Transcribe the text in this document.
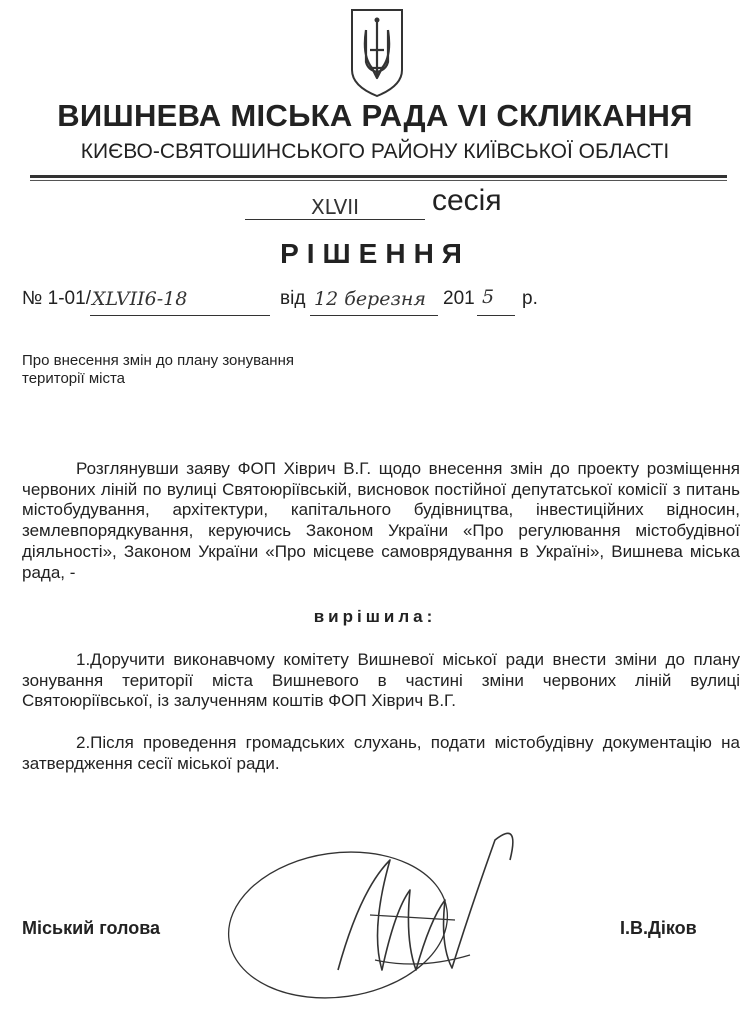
ВИШНЕВА МІСЬКА РАДА VI СКЛИКАННЯ
КИЄВО-СВЯТОШИНСЬКОГО РАЙОНУ КИЇВСЬКОЇ ОБЛАСТІ
XLVII	сесія
РІШЕННЯ
№ 1-01/ XLVII6-18	від 12 березня 201 5 р.
Про внесення змін до плану зонування
території міста
Розглянувши заяву ФОП Хіврич В.Г. щодо внесення змін до проекту розміщення червоних ліній по вулиці Святоюріївській, висновок постійної депутатської комісії з питань містобудування, архітектури, капітального будівництва, інвестиційних відносин, землевпорядкування, керуючись Законом України «Про регулювання містобудівної діяльності», Законом України «Про місцеве самоврядування в Україні», Вишнева міська рада, -
вирішила:
1.Доручити виконавчому комітету Вишневої міської ради внести зміни до плану зонування території міста Вишневого в частині зміни червоних ліній вулиці Святоюріївської, із залученням коштів ФОП Хіврич В.Г.
2.Після проведення громадських слухань, подати містобудівну документацію на затвердження сесії міської ради.
Міський голова	І.В.Діков
